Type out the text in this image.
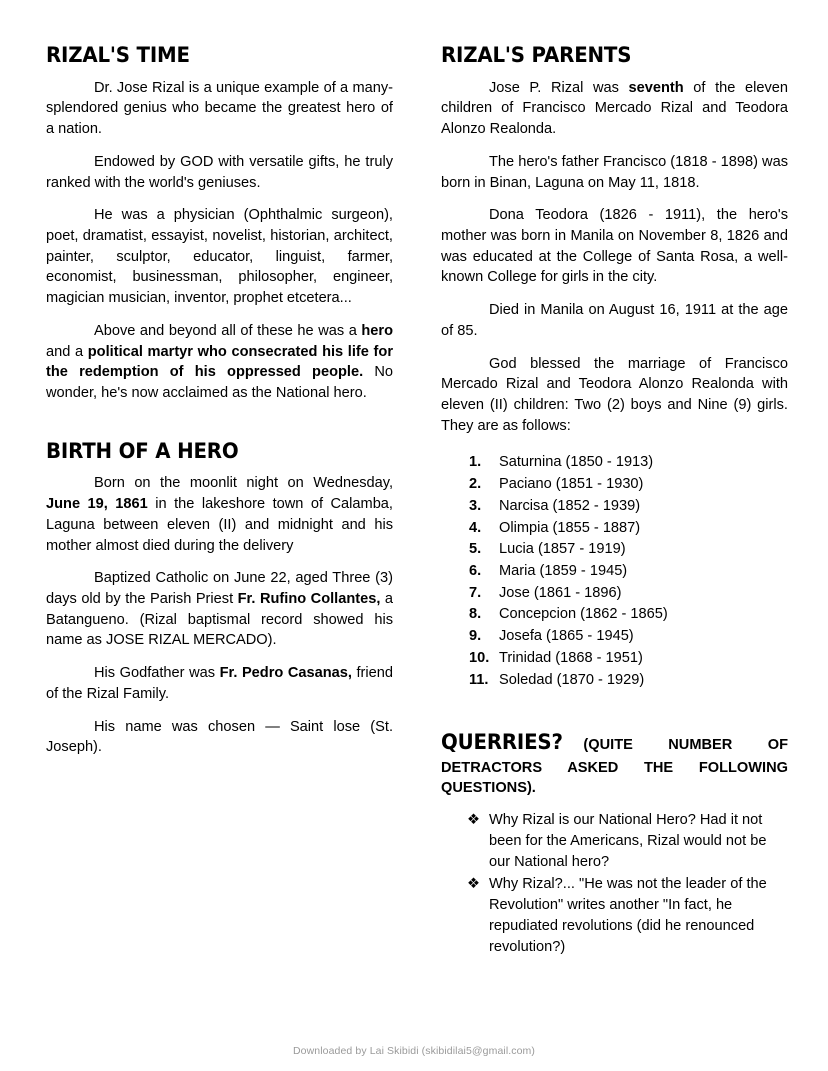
RIZAL'S TIME

Dr. Jose Rizal is a unique example of a many-splendored genius who became the greatest hero of a nation.

Endowed by GOD with versatile gifts, he truly ranked with the world's geniuses.

He was a physician (Ophthalmic surgeon), poet, dramatist, essayist, novelist, historian, architect, painter, sculptor, educator, linguist, farmer, economist, businessman, philosopher, engineer, magician musician, inventor, prophet etcetera...

Above and beyond all of these he was a hero and a political martyr who consecrated his life for the redemption of his oppressed people. No wonder, he's now acclaimed as the National hero.

BIRTH OF A HERO

Born on the moonlit night on Wednesday, June 19, 1861 in the lakeshore town of Calamba, Laguna between eleven (II) and midnight and his mother almost died during the delivery

Baptized Catholic on June 22, aged Three (3) days old by the Parish Priest Fr. Rufino Collantes, a Batangueno. (Rizal baptismal record showed his name as JOSE RIZAL MERCADO).

His Godfather was Fr. Pedro Casanas, friend of the Rizal Family.

His name was chosen — Saint lose (St. Joseph).

RIZAL'S PARENTS

Jose P. Rizal was seventh of the eleven children of Francisco Mercado Rizal and Teodora Alonzo Realonda.

The hero's father Francisco (1818 - 1898) was born in Binan, Laguna on May 11, 1818.

Dona Teodora (1826 - 1911), the hero's mother was born in Manila on November 8, 1826 and was educated at the College of Santa Rosa, a well-known College for girls in the city.

Died in Manila on August 16, 1911 at the age of 85.

God blessed the marriage of Francisco Mercado Rizal and Teodora Alonzo Realonda with eleven (II) children: Two (2) boys and Nine (9) girls. They are as follows:

1.	Saturnina (1850 - 1913)
2.	Paciano (1851 - 1930)
3.	Narcisa (1852 - 1939)
4.	Olimpia (1855 - 1887)
5.	Lucia (1857 - 1919)
6.	Maria (1859 - 1945)
7.	Jose (1861 - 1896)
8.	Concepcion (1862 - 1865)
9.	Josefa (1865 - 1945)
10. Trinidad (1868 - 1951)
11. Soledad (1870 - 1929)
QUERRIES? (QUITE NUMBER OF DETRACTORS ASKED THE FOLLOWING QUESTIONS).
❖ Why Rizal is our National Hero? Had it not been for the Americans, Rizal would not be our National hero?
❖ Why Rizal?... "He was not the leader of the Revolution" writes another "In fact, he repudiated revolutions (did he renounced revolution?)
Downloaded by Lai Skibidi (skibidilai5@gmail.com)
